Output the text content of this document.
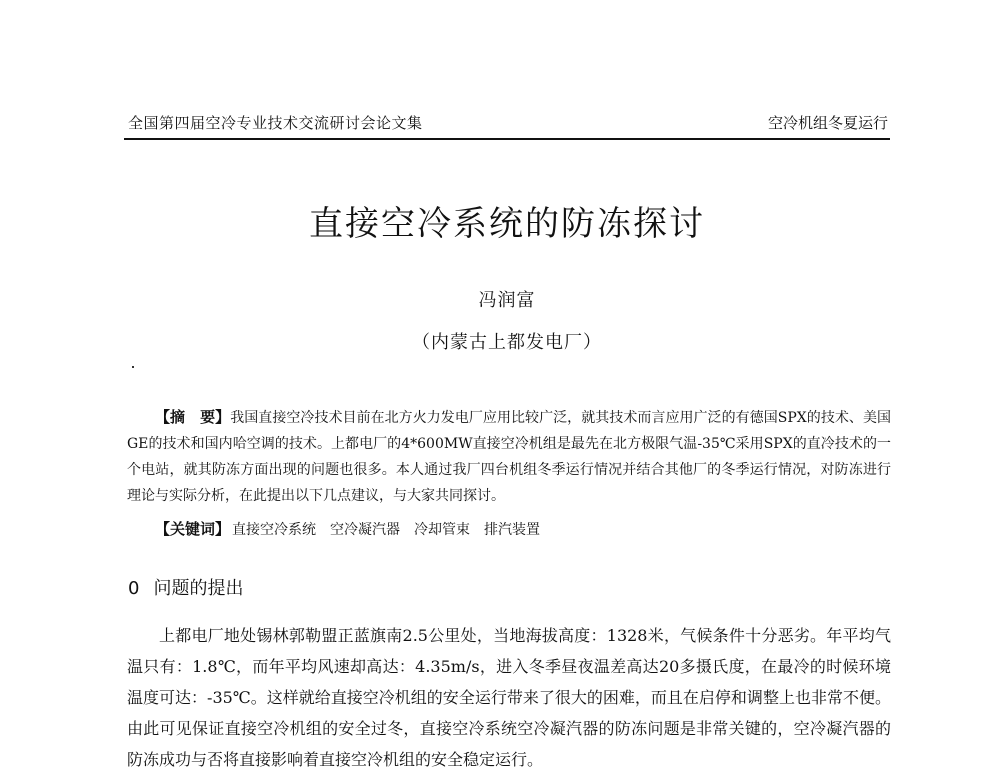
全国第四届空冷专业技术交流研讨会论文集	空冷机组冬夏运行
直接空冷系统的防冻探讨
冯润富
（内蒙古上都发电厂）

【摘　要】我国直接空冷技术目前在北方火力发电厂应用比较广泛，就其技术而言应用广泛的有德国SPX的技术、美国GE的技术和国内哈空调的技术。上都电厂的4*600MW直接空冷机组是最先在北方极限气温-35℃采用SPX的直冷技术的一个电站，就其防冻方面出现的问题也很多。本人通过我厂四台机组冬季运行情况并结合其他厂的冬季运行情况，对防冻进行理论与实际分析，在此提出以下几点建议，与大家共同探讨。

【关键词】 直接空冷系统　空冷凝汽器　冷却管束　排汽装置
0 问题的提出

上都电厂地处锡林郭勒盟正蓝旗南2.5公里处，当地海拔高度：1328米，气候条件十分恶劣。年平均气温只有：1.8℃，而年平均风速却高达：4.35m/s，进入冬季昼夜温差高达20多摄氏度，在最冷的时候环境温度可达：-35℃。这样就给直接空冷机组的安全运行带来了很大的困难，而且在启停和调整上也非常不便。由此可见保证直接空冷机组的安全过冬，直接空冷系统空冷凝汽器的防冻问题是非常关键的，空冷凝汽器的防冻成功与否将直接影响着直接空冷机组的安全稳定运行。
